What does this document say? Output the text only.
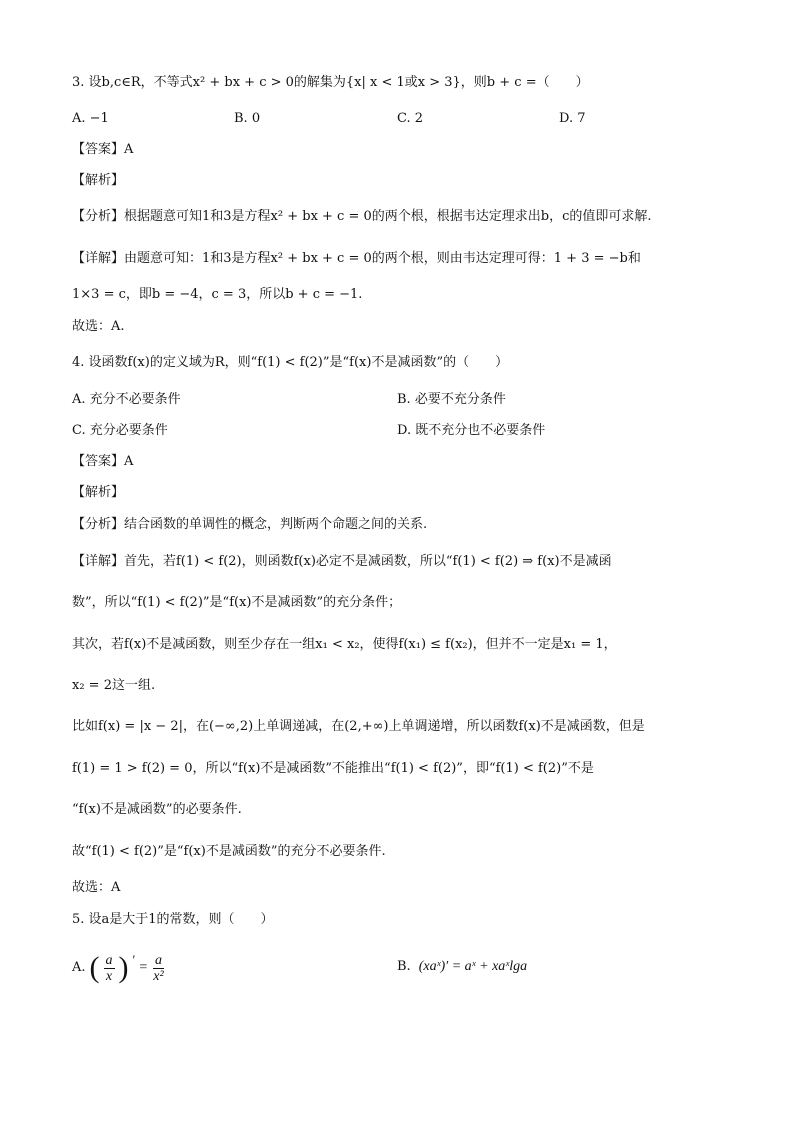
3. 设b,c∈R，不等式x² + bx + c > 0的解集为{x| x < 1或x > 3}，则b + c =（　　）
A. −1	B. 0	C. 2	D. 7
【答案】A
【解析】
【分析】根据题意可知1和3是方程x² + bx + c = 0的两个根，根据韦达定理求出b，c的值即可求解.
【详解】由题意可知：1和3是方程x² + bx + c = 0的两个根，则由韦达定理可得：1 + 3 = −b和
1×3 = c，即b = −4，c = 3，所以b + c = −1.
故选：A.
4. 设函数f(x)的定义域为R，则“f(1) < f(2)”是“f(x)不是减函数”的（　　）
A. 充分不必要条件	B. 必要不充分条件
C. 充分必要条件	D. 既不充分也不必要条件
【答案】A
【解析】
【分析】结合函数的单调性的概念，判断两个命题之间的关系.
【详解】首先，若f(1) < f(2)，则函数f(x)必定不是减函数，所以“f(1) < f(2) ⇒ f(x)不是减函
数”，所以“f(1) < f(2)”是“f(x)不是减函数”的充分条件；
其次，若f(x)不是减函数，则至少存在一组x₁ < x₂，使得f(x₁) ≤ f(x₂)，但并不一定是x₁ = 1，
x₂ = 2这一组.
比如f(x) = |x − 2|，在(−∞,2)上单调递减，在(2,+∞)上单调递增，所以函数f(x)不是减函数，但是
f(1) = 1 > f(2) = 0，所以“f(x)不是减函数”不能推出“f(1) < f(2)”，即“f(1) < f(2)”不是
“f(x)不是减函数”的必要条件.
故“f(1) < f(2)”是“f(x)不是减函数”的充分不必要条件.
故选：A
5. 设a是大于1的常数，则（　　）
A. ( $\frac{a}{x}$ ) ′
= $\frac{a}{\text{x²}}$	B. (xaˣ)′ = aˣ + xaˣlga
